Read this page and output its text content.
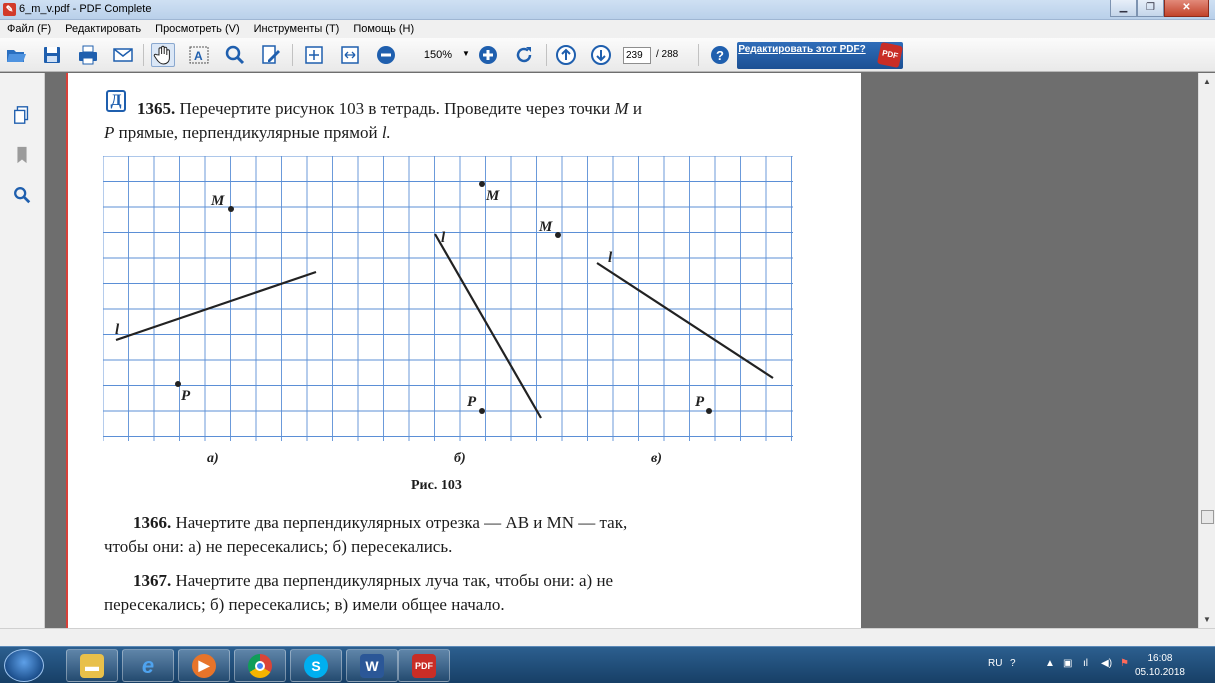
✎ 6_m_v.pdf - PDF Complete	▁	❐	✕
Файл (F)	Редактировать	Просмотреть (V)	Инструменты (T)	Помощь (H)
A	150%	▼	239	/ 288	? Редактировать этот PDF?	PDF
Д 1365. Перечертите рисунок 103 в тетрадь. Проведите через точки M и
P прямые, перпендикулярные прямой l.
M
P
l
M
P
l
M
P
l
а)	б)	в)
Рис. 103
1366. Начертите два перпендикулярных отрезка — AB и MN — так,
чтобы они: а) не пересекались; б) пересекались.
1367. Начертите два перпендикулярных луча так, чтобы они: а) не
пересекались; б) пересекались; в) имели общее начало.
▲
▼
▬ e	▶	S	W	PDF	RU ?	▲ ▣ ıl ◀) ⚑	16:08
05.10.2018
